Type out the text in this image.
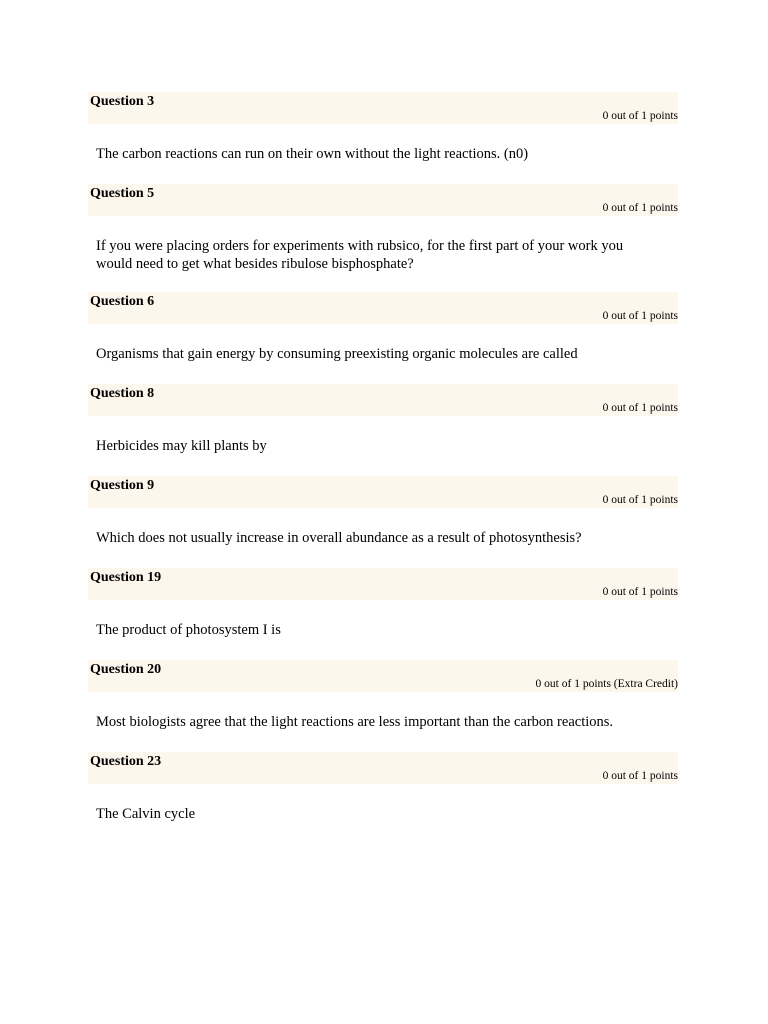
Question 3
0 out of 1 points
The carbon reactions can run on their own without the light reactions. (n0)
Question 5
0 out of 1 points
If you were placing orders for experiments with rubsico, for the first part of your work you would need to get what besides ribulose bisphosphate?
Question 6
0 out of 1 points
Organisms that gain energy by consuming preexisting organic molecules are called
Question 8
0 out of 1 points
Herbicides may kill plants by
Question 9
0 out of 1 points
Which does not usually increase in overall abundance as a result of photosynthesis?
Question 19
0 out of 1 points
The product of photosystem I is
Question 20
0 out of 1 points (Extra Credit)
Most biologists agree that the light reactions are less important than the carbon reactions.
Question 23
0 out of 1 points
The Calvin cycle
